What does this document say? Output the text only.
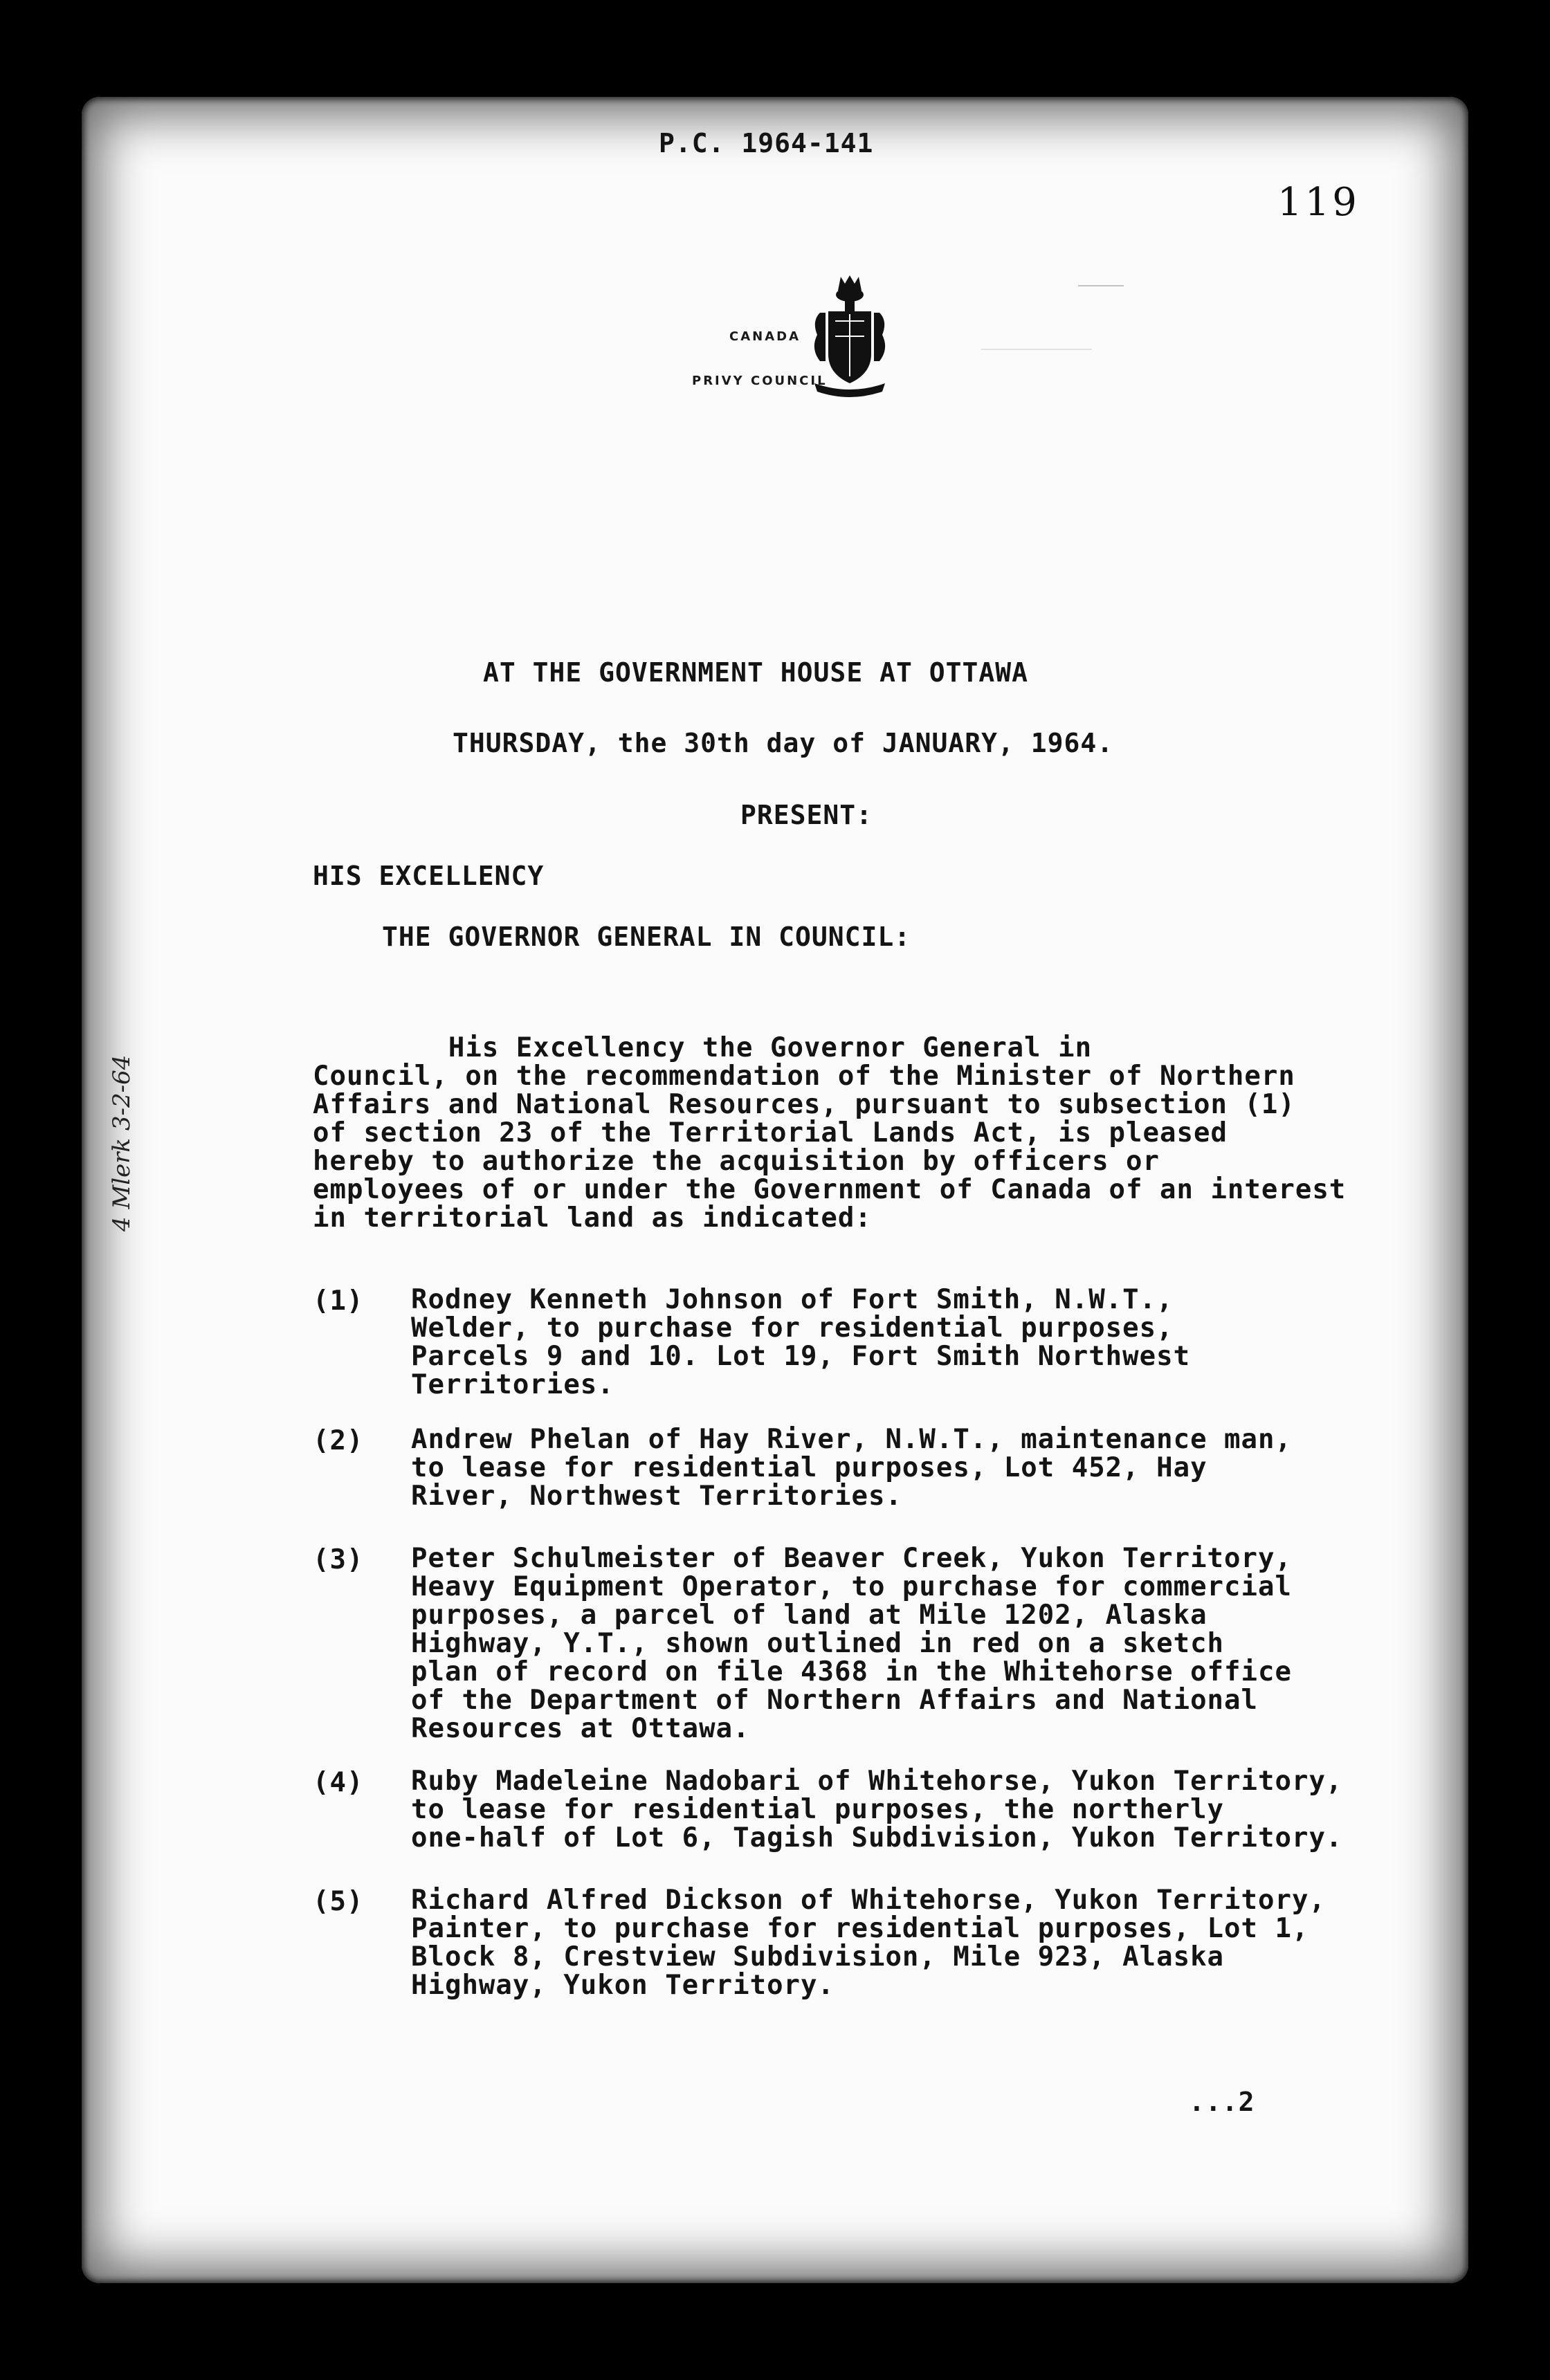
P.C. 1964-141
119
CANADA
PRIVY COUNCIL
4 Mlerk 3-2-64
AT THE GOVERNMENT HOUSE AT OTTAWA
THURSDAY, the 30th day of JANUARY, 1964.
PRESENT:
HIS EXCELLENCY
THE GOVERNOR GENERAL IN COUNCIL:
His Excellency the Governor General in
Council, on the recommendation of the Minister of Northern
Affairs and National Resources, pursuant to subsection (1)
of section 23 of the Territorial Lands Act, is pleased
hereby to authorize the acquisition by officers or
employees of or under the Government of Canada of an interest
in territorial land as indicated:
(1) Rodney Kenneth Johnson of Fort Smith, N.W.T.,
Welder, to purchase for residential purposes,
Parcels 9 and 10. Lot 19, Fort Smith Northwest
Territories.
(2) Andrew Phelan of Hay River, N.W.T., maintenance man,
to lease for residential purposes, Lot 452, Hay
River, Northwest Territories.
(3) Peter Schulmeister of Beaver Creek, Yukon Territory,
Heavy Equipment Operator, to purchase for commercial
purposes, a parcel of land at Mile 1202, Alaska
Highway, Y.T., shown outlined in red on a sketch
plan of record on file 4368 in the Whitehorse office
of the Department of Northern Affairs and National
Resources at Ottawa.
(4) Ruby Madeleine Nadobari of Whitehorse, Yukon Territory,
to lease for residential purposes, the northerly
one-half of Lot 6, Tagish Subdivision, Yukon Territory.
(5) Richard Alfred Dickson of Whitehorse, Yukon Territory,
Painter, to purchase for residential purposes, Lot 1,
Block 8, Crestview Subdivision, Mile 923, Alaska
Highway, Yukon Territory.
...2
